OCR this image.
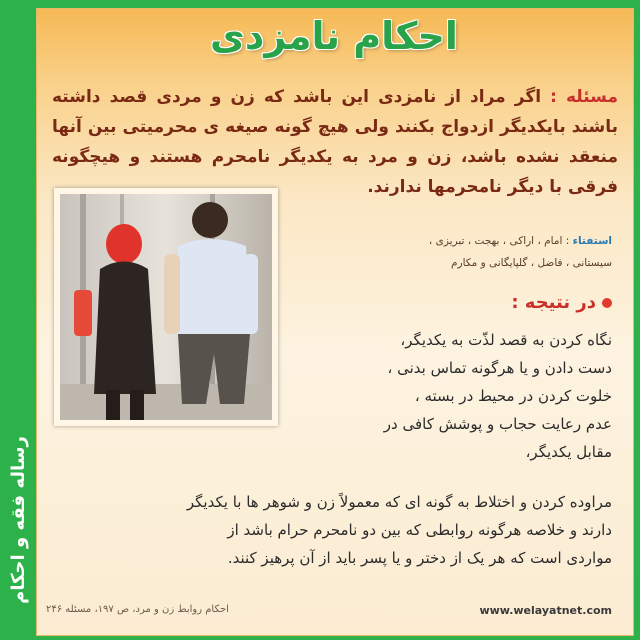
رساله فقه و احکام
احکام نامزدی
مسئله : اگر مراد از نامزدی این باشد که زن و مردی قصد داشته باشند بایکدیگر ازدواج بکنند ولی هیچ گونه صیغه ی محرمیتی بین آنها منعقد نشده باشد، زن و مرد به یکدیگر نامحرم هستند و هیچگونه فرقی با دیگر نامحرمها ندارند.
استفتاء : امام ، اراکی ، بهجت ، تبریزی ،
سیستانی ، فاضل ، گلپایگانی و مکارم
در نتیجه :
نگاه کردن به قصد لذّت به یکدیگر،
دست دادن و یا هرگونه تماس بدنی ،
خلوت کردن در محیط در بسته ،
عدم رعایت حجاب و پوشش کافی در
مقابل یکدیگر،
مراوده کردن و اختلاط به گونه ای که معمولاً زن و شوهر ها با یکدیگر
دارند و خلاصه هرگونه روابطی که بین دو نامحرم حرام باشد از
مواردی است که هر یک از دختر و یا پسر باید از آن پرهیز کنند.
احکام روابط زن و مرد، ص ۱۹۷، مسئله ۲۴۶	www.welayatnet.com
